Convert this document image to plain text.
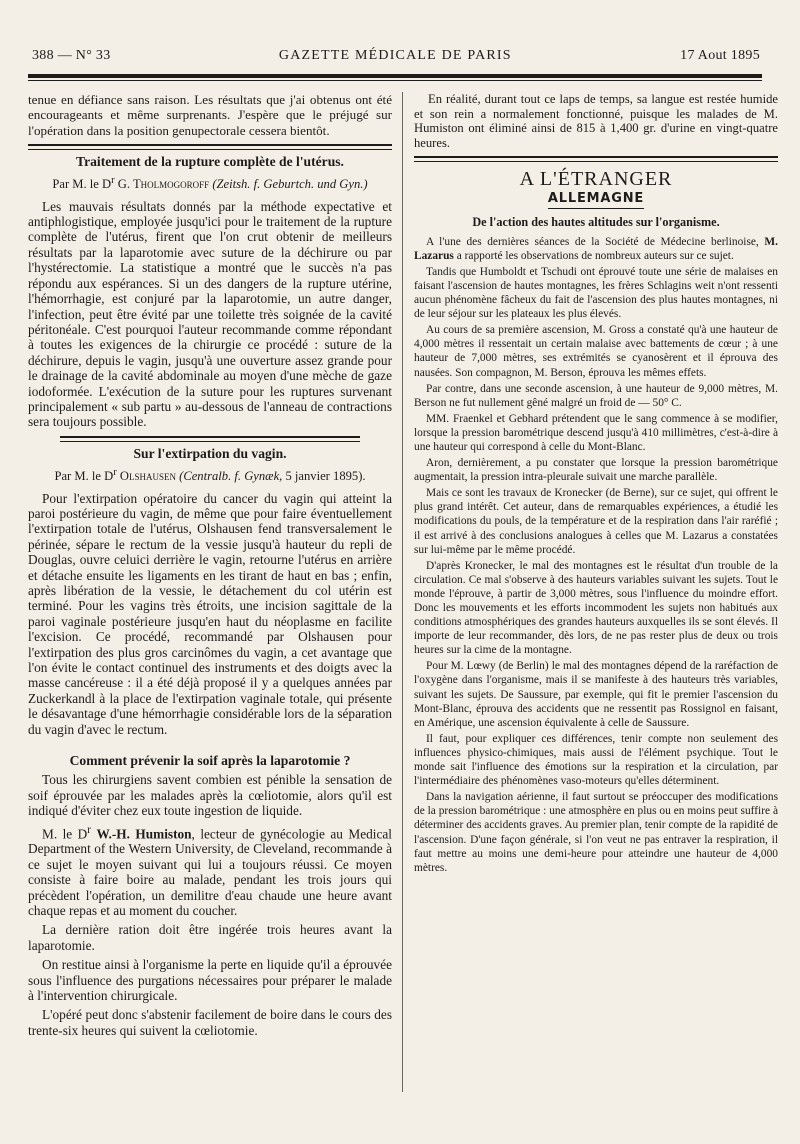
388 — N° 33	GAZETTE MÉDICALE DE PARIS	17 Aout 1895

tenue en défiance sans raison. Les résultats que j'ai obtenus ont été encourageants et même surprenants. J'espère que le préjugé sur l'opération dans la position genupectorale cessera bientôt.

Traitement de la rupture complète de l'utérus.
Par M. le $D^r$ G. Tholmogoroff (Zeitsh. f. Geburtch. und Gyn.)

Les mauvais résultats donnés par la méthode expectative et antiphlogistique, employée jusqu'ici pour le traitement de la rupture complète de l'utérus, firent que l'on crut obtenir de meilleurs résultats par la laparotomie avec suture de la déchirure ou par l'hystérectomie. La statistique a montré que le succès n'a pas répondu aux espérances. Si un des dangers de la rupture utérine, l'hémorrhagie, est conjuré par la laparotomie, un autre danger, l'infection, peut être évité par une toilette très soignée de la cavité péritonéale. C'est pourquoi l'auteur recommande comme répondant à toutes les exigences de la chirurgie ce procédé : suture de la déchirure, depuis le vagin, jusqu'à une ouverture assez grande pour le drainage de la cavité abdominale au moyen d'une mèche de gaze iodoformée. L'exécution de la suture pour les ruptures survenant principalement « sub partu » au-dessous de l'anneau de contractions sera toujours possible.

Sur l'extirpation du vagin.
Par M. le $D^r$ Olshausen (Centralb. f. Gynæk, 5 janvier 1895).

Pour l'extirpation opératoire du cancer du vagin qui atteint la paroi postérieure du vagin, de même que pour faire éventuellement l'extirpation totale de l'utérus, Olshausen fend transversalement le périnée, sépare le rectum de la vessie jusqu'à hauteur du repli de Douglas, ouvre celuici derrière le vagin, retourne l'utérus en arrière et détache ensuite les ligaments en les tirant de haut en bas ; enfin, après libération de la vessie, le détachement du col utérin est terminé. Pour les vagins très étroits, une incision sagittale de la paroi vaginale postérieure jusqu'en haut du néoplasme en facilite l'excision. Ce procédé, recommandé par Olshausen pour l'extirpation des plus gros carcinômes du vagin, a cet avantage que l'on évite le contact continuel des instruments et des doigts avec la masse cancéreuse : il a été déjà proposé il y a quelques années par Zuckerkandl à la place de l'extirpation vaginale totale, qui présente le désavantage d'une hémorrhagie considérable lors de la séparation du vagin d'avec le rectum.

Comment prévenir la soif après la laparotomie ?

Tous les chirurgiens savent combien est pénible la sensation de soif éprouvée par les malades après la cœliotomie, alors qu'il est indiqué d'éviter chez eux toute ingestion de liquide.

M. le $D^r$ W.-H. Humiston, lecteur de gynécologie au Medical Department of the Western University, de Cleveland, recommande à ce sujet le moyen suivant qui lui a toujours réussi. Ce moyen consiste à faire boire au malade, pendant les trois jours qui précèdent l'opération, un demilitre d'eau chaude une heure avant chaque repas et au moment du coucher.

La dernière ration doit être ingérée trois heures avant la laparotomie.

On restitue ainsi à l'organisme la perte en liquide qu'il a éprouvée sous l'influence des purgations nécessaires pour préparer le malade à l'intervention chirurgicale.

L'opéré peut donc s'abstenir facilement de boire dans le cours des trente-six heures qui suivent la cœliotomie.

En réalité, durant tout ce laps de temps, sa langue est restée humide et son rein a normalement fonctionné, puisque les malades de M. Humiston ont éliminé ainsi de 815 à 1,400 gr. d'urine en vingt-quatre heures.

A L'ÉTRANGER
ALLEMAGNE
De l'action des hautes altitudes sur l'organisme.

A l'une des dernières séances de la Société de Médecine berlinoise, M. Lazarus a rapporté les observations de nombreux auteurs sur ce sujet.

Tandis que Humboldt et Tschudi ont éprouvé toute une série de malaises en faisant l'ascension de hautes montagnes, les frères Schlagins weit n'ont ressenti aucun phénomène fâcheux du fait de l'ascension des plus hautes montagnes, ni de leur séjour sur les plateaux les plus élevés.

Au cours de sa première ascension, M. Gross a constaté qu'à une hauteur de 4,000 mètres il ressentait un certain malaise avec battements de cœur ; à une hauteur de 7,000 mètres, ses extrémités se cyanosèrent et il éprouva des nausées. Son compagnon, M. Berson, éprouva les mêmes effets.

Par contre, dans une seconde ascension, à une hauteur de 9,000 mètres, M. Berson ne fut nullement gêné malgré un froid de — 50° C.

MM. Fraenkel et Gebhard prétendent que le sang commence à se modifier, lorsque la pression barométrique descend jusqu'à 410 millimètres, c'est-à-dire à une hauteur qui correspond à celle du Mont-Blanc.

Aron, dernièrement, a pu constater que lorsque la pression barométrique augmentait, la pression intra-pleurale suivait une marche parallèle.

Mais ce sont les travaux de Kronecker (de Berne), sur ce sujet, qui offrent le plus grand intérêt. Cet auteur, dans de remarquables expériences, a étudié les modifications du pouls, de la température et de la respiration dans l'air raréfié ; il est arrivé à des conclusions analogues à celles que M. Lazarus a constatées sur lui-même par le même procédé.

D'après Kronecker, le mal des montagnes est le résultat d'un trouble de la circulation. Ce mal s'observe à des hauteurs variables suivant les sujets. Tout le monde l'éprouve, à partir de 3,000 mètres, sous l'influence du moindre effort. Donc les mouvements et les efforts incommodent les sujets non habitués aux conditions atmosphériques des grandes hauteurs auxquelles ils se sont élevés. Il importe de leur recommander, dès lors, de ne pas rester plus de deux ou trois heures sur la cime de la montagne.

Pour M. Lœwy (de Berlin) le mal des montagnes dépend de la raréfaction de l'oxygène dans l'organisme, mais il se manifeste à des hauteurs très variables, suivant les sujets. De Saussure, par exemple, qui fit le premier l'ascension du Mont-Blanc, éprouva des accidents que ne ressentit pas Rossignol en faisant, en Amérique, une ascension équivalente à celle de Saussure.

Il faut, pour expliquer ces différences, tenir compte non seulement des influences physico-chimiques, mais aussi de l'élément psychique. Tout le monde sait l'influence des émotions sur la respiration et la circulation, par l'intermédiaire des phénomènes vaso-moteurs qu'elles déterminent.

Dans la navigation aérienne, il faut surtout se préoccuper des modifications de la pression barométrique : une atmosphère en plus ou en moins peut suffire à déterminer des accidents graves. Au premier plan, tenir compte de la rapidité de l'ascension. D'une façon générale, si l'on veut ne pas entraver la respiration, il faut mettre au moins une demi-heure pour atteindre une hauteur de 4,000 mètres.
